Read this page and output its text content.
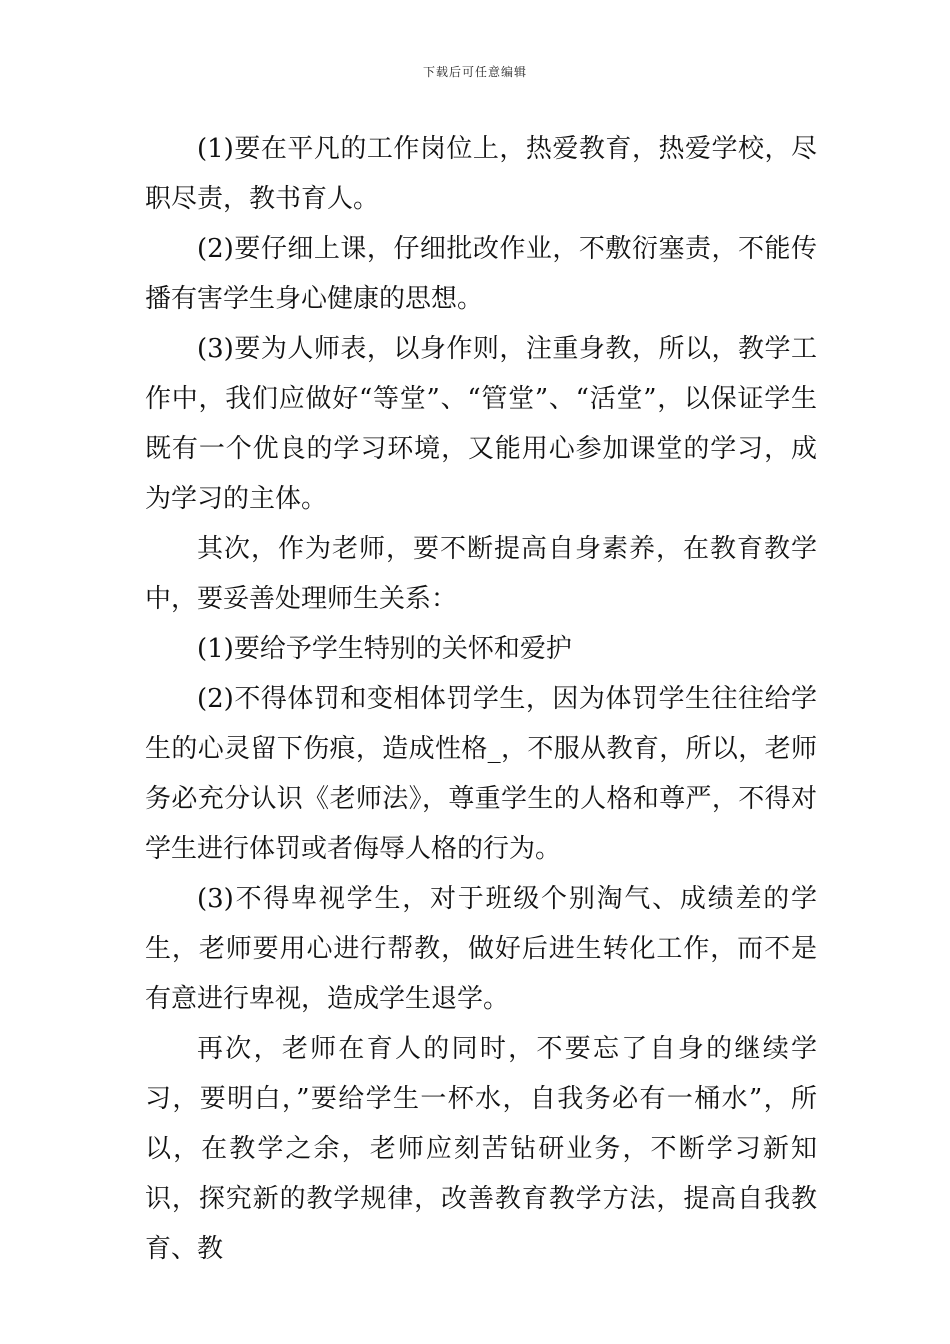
下载后可任意编辑

(1)要在平凡的工作岗位上，热爱教育，热爱学校，尽职尽责，教书育人。

(2)要仔细上课，仔细批改作业，不敷衍塞责，不能传播有害学生身心健康的思想。

(3)要为人师表，以身作则，注重身教，所以，教学工作中，我们应做好“等堂”、“管堂”、“活堂”，以保证学生既有一个优良的学习环境，又能用心参加课堂的学习，成为学习的主体。

其次，作为老师，要不断提高自身素养，在教育教学中，要妥善处理师生关系：

(1)要给予学生特别的关怀和爱护

(2)不得体罚和变相体罚学生，因为体罚学生往往给学生的心灵留下伤痕，造成性格_，不服从教育，所以，老师务必充分认识《老师法》，尊重学生的人格和尊严，不得对学生进行体罚或者侮辱人格的行为。

(3)不得卑视学生，对于班级个别淘气、成绩差的学生，老师要用心进行帮教，做好后进生转化工作，而不是有意进行卑视，造成学生退学。

再次，老师在育人的同时，不要忘了自身的继续学习，要明白，”要给学生一杯水，自我务必有一桶水”，所以，在教学之余，老师应刻苦钻研业务，不断学习新知识，探究新的教学规律，改善教育教学方法，提高自我教育、教
